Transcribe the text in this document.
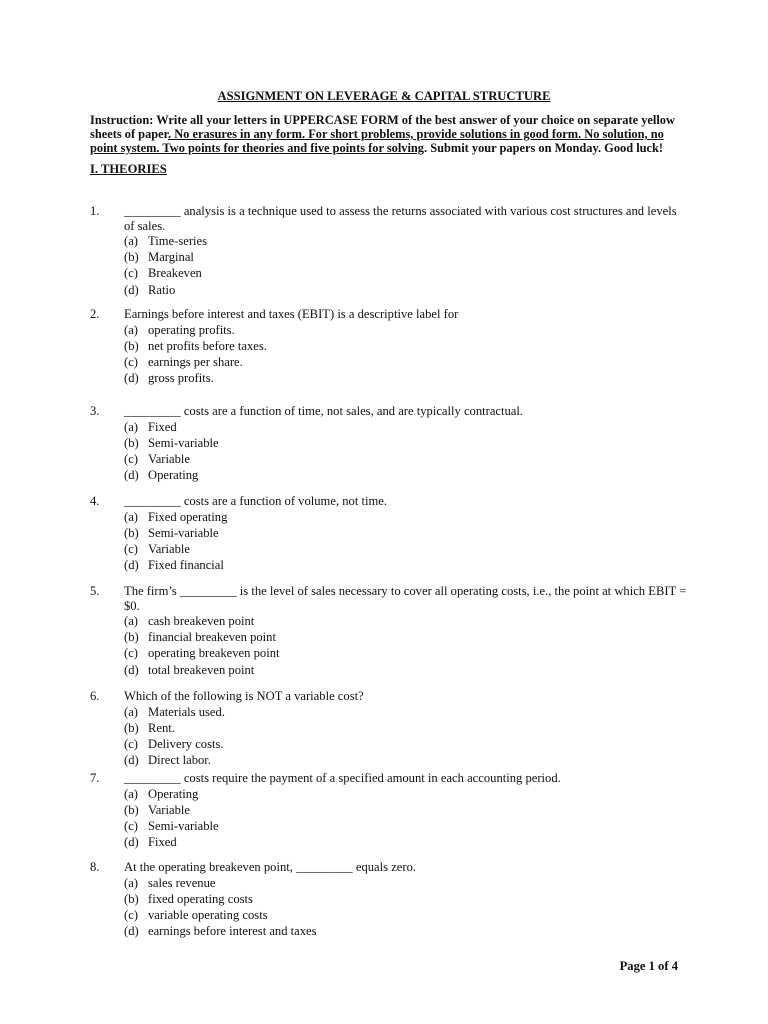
ASSIGNMENT ON LEVERAGE & CAPITAL STRUCTURE
Instruction: Write all your letters in UPPERCASE FORM of the best answer of your choice on separate yellow sheets of paper. No erasures in any form. For short problems, provide solutions in good form. No solution, no point system. Two points for theories and five points for solving. Submit your papers on Monday. Good luck!
I. THEORIES
1. _________ analysis is a technique used to assess the returns associated with various cost structures and levels of sales.
(a) Time-series
(b) Marginal
(c) Breakeven
(d) Ratio
2. Earnings before interest and taxes (EBIT) is a descriptive label for
(a) operating profits.
(b) net profits before taxes.
(c) earnings per share.
(d) gross profits.
3. _________ costs are a function of time, not sales, and are typically contractual.
(a) Fixed
(b) Semi-variable
(c) Variable
(d) Operating
4. _________ costs are a function of volume, not time.
(a) Fixed operating
(b) Semi-variable
(c) Variable
(d) Fixed financial
5. The firm’s _________ is the level of sales necessary to cover all operating costs, i.e., the point at which EBIT = $0.
(a) cash breakeven point
(b) financial breakeven point
(c) operating breakeven point
(d) total breakeven point
6. Which of the following is NOT a variable cost?
(a) Materials used.
(b) Rent.
(c) Delivery costs.
(d) Direct labor.
7. _________ costs require the payment of a specified amount in each accounting period.
(a) Operating
(b) Variable
(c) Semi-variable
(d) Fixed
8. At the operating breakeven point, _________ equals zero.
(a) sales revenue
(b) fixed operating costs
(c) variable operating costs
(d) earnings before interest and taxes
Page 1 of 4
